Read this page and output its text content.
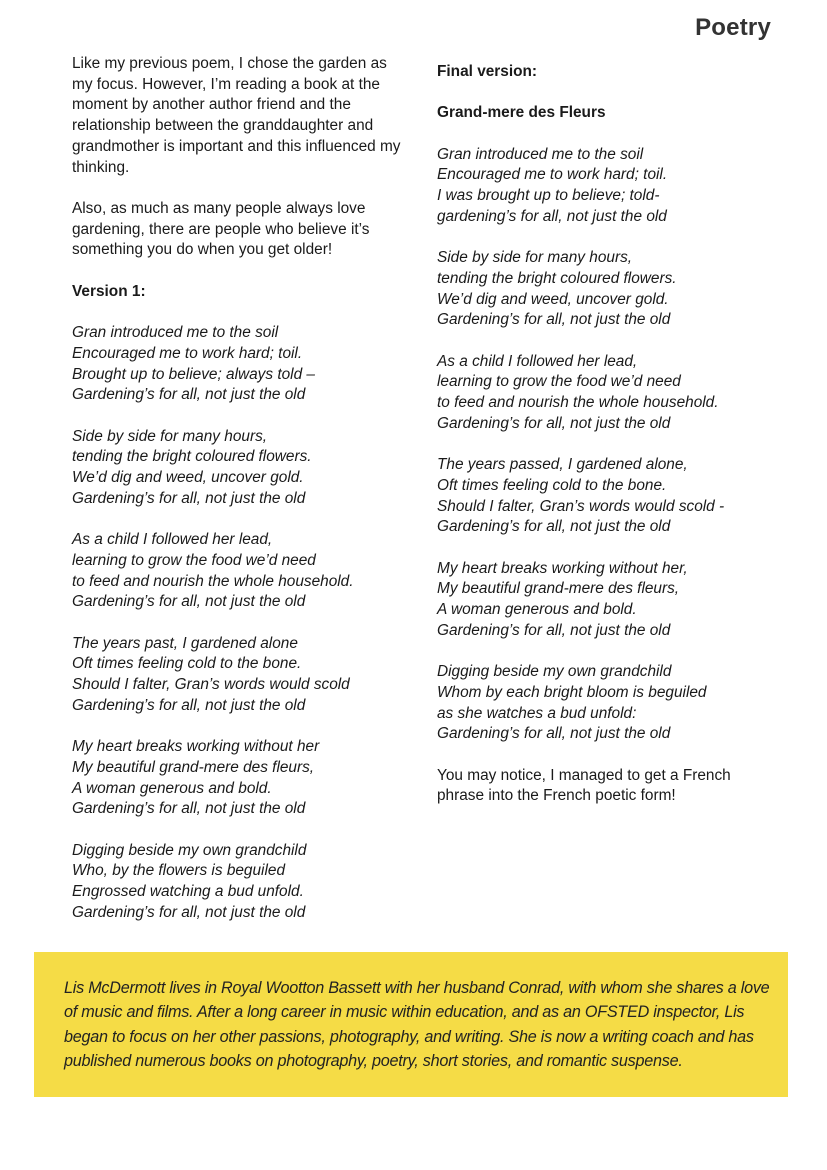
Poetry

Like my previous poem, I chose the garden as my focus. However, I’m reading a book at the moment by another author friend and the relationship between the granddaughter and grandmother is important and this influenced my thinking.

Also, as much as many people always love gardening, there are people who believe it’s something you do when you get older!

Version 1:

Gran introduced me to the soil
Encouraged me to work hard; toil.
Brought up to believe; always told –
Gardening’s for all, not just the old
Side by side for many hours,
tending the bright coloured flowers.
We’d dig and weed, uncover gold.
Gardening’s for all, not just the old
As a child I followed her lead,
learning to grow the food we’d need
to feed and nourish the whole household.
Gardening’s for all, not just the old
The years past, I gardened alone
Oft times feeling cold to the bone.
Should I falter, Gran’s words would scold
Gardening’s for all, not just the old
My heart breaks working without her
My beautiful grand-mere des fleurs,
A woman generous and bold.
Gardening’s for all, not just the old
Digging beside my own grandchild
Who, by the flowers is beguiled
Engrossed watching a bud unfold.
Gardening’s for all, not just the old

Final version:

Grand-mere des Fleurs

Gran introduced me to the soil
Encouraged me to work hard; toil.
I was brought up to believe; told-
gardening’s for all, not just the old
Side by side for many hours,
tending the bright coloured flowers.
We’d dig and weed, uncover gold.
Gardening’s for all, not just the old
As a child I followed her lead,
learning to grow the food we’d need
to feed and nourish the whole household.
Gardening’s for all, not just the old
The years passed, I gardened alone,
Oft times feeling cold to the bone.
Should I falter, Gran’s words would scold -
Gardening’s for all, not just the old
My heart breaks working without her,
My beautiful grand-mere des fleurs,
A woman generous and bold.
Gardening’s for all, not just the old
Digging beside my own grandchild
Whom by each bright bloom is beguiled
as she watches a bud unfold:
Gardening’s for all, not just the old

You may notice, I managed to get a French phrase into the French poetic form!

Lis McDermott lives in Royal Wootton Bassett with her husband Conrad, with whom she shares a love of music and films. After a long career in music within education, and as an OFSTED inspector, Lis began to focus on her other passions, photography, and writing. She is now a writing coach and has published numerous books on photography, poetry, short stories, and romantic suspense.
